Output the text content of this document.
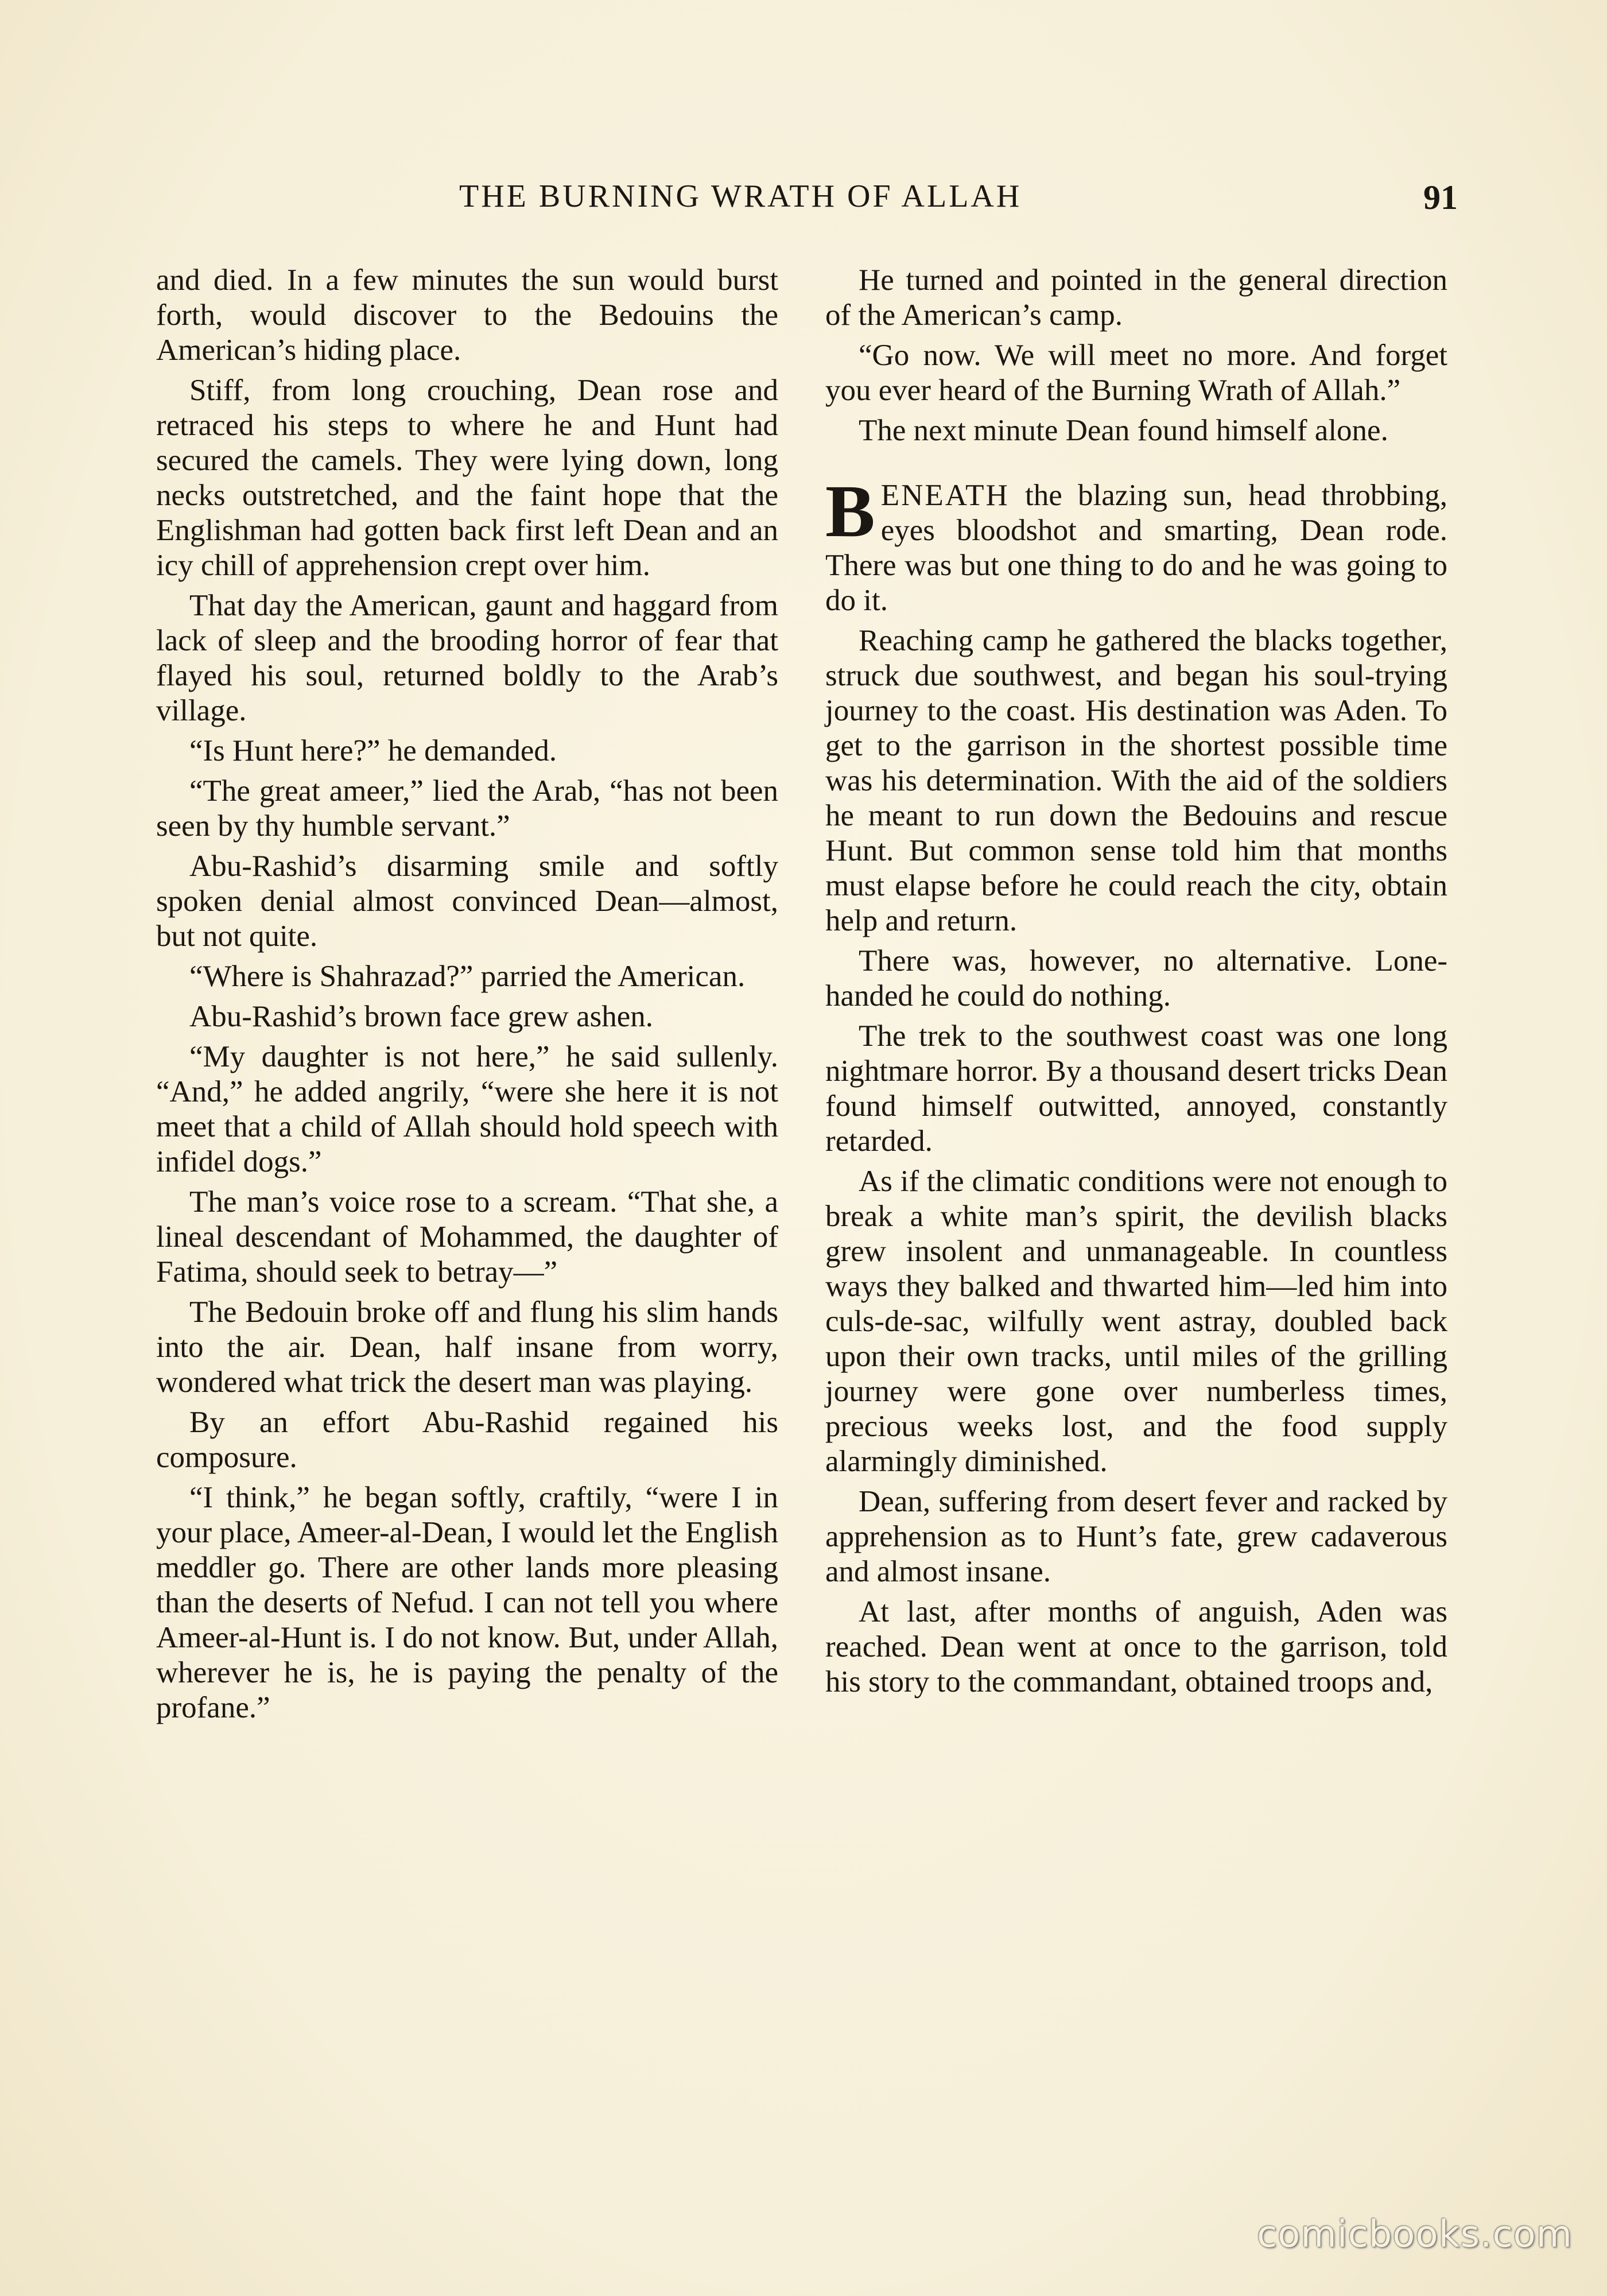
THE BURNING WRATH OF ALLAH	91

and died. In a few minutes the sun would burst forth, would discover to the Bedouins the American’s hiding place.

Stiff, from long crouching, Dean rose and retraced his steps to where he and Hunt had secured the camels. They were lying down, long necks outstretched, and the faint hope that the Englishman had gotten back first left Dean and an icy chill of apprehension crept over him.

That day the American, gaunt and haggard from lack of sleep and the brooding horror of fear that flayed his soul, returned boldly to the Arab’s village.

“Is Hunt here?” he demanded.

“The great ameer,” lied the Arab, “has not been seen by thy humble servant.”

Abu-Rashid’s disarming smile and softly spoken denial almost convinced Dean—almost, but not quite.

“Where is Shahrazad?” parried the American.

Abu-Rashid’s brown face grew ashen.

“My daughter is not here,” he said sullenly. “And,” he added angrily, “were she here it is not meet that a child of Allah should hold speech with infidel dogs.”

The man’s voice rose to a scream. “That she, a lineal descendant of Mohammed, the daughter of Fatima, should seek to betray—”

The Bedouin broke off and flung his slim hands into the air. Dean, half insane from worry, wondered what trick the desert man was playing.

By an effort Abu-Rashid regained his composure.

“I think,” he began softly, craftily, “were I in your place, Ameer-al-Dean, I would let the English meddler go. There are other lands more pleasing than the deserts of Nefud. I can not tell you where Ameer-al-Hunt is. I do not know. But, under Allah, wherever he is, he is paying the penalty of the profane.”

He turned and pointed in the general direction of the American’s camp.

“Go now. We will meet no more. And forget you ever heard of the Burning Wrath of Allah.”

The next minute Dean found himself alone.

BENEATH the blazing sun, head throbbing, eyes bloodshot and smarting, Dean rode. There was but one thing to do and he was going to do it.

Reaching camp he gathered the blacks together, struck due southwest, and began his soul-trying journey to the coast. His destination was Aden. To get to the garrison in the shortest possible time was his determination. With the aid of the soldiers he meant to run down the Bedouins and rescue Hunt. But common sense told him that months must elapse before he could reach the city, obtain help and return.

There was, however, no alternative. Lone-handed he could do nothing.

The trek to the southwest coast was one long nightmare horror. By a thousand desert tricks Dean found himself outwitted, annoyed, constantly retarded.

As if the climatic conditions were not enough to break a white man’s spirit, the devilish blacks grew insolent and unmanageable. In countless ways they balked and thwarted him—led him into culs-de-sac, wilfully went astray, doubled back upon their own tracks, until miles of the grilling journey were gone over numberless times, precious weeks lost, and the food supply alarmingly diminished.

Dean, suffering from desert fever and racked by apprehension as to Hunt’s fate, grew cadaverous and almost insane.

At last, after months of anguish, Aden was reached. Dean went at once to the garrison, told his story to the commandant, obtained troops and,

comicbooks.com
